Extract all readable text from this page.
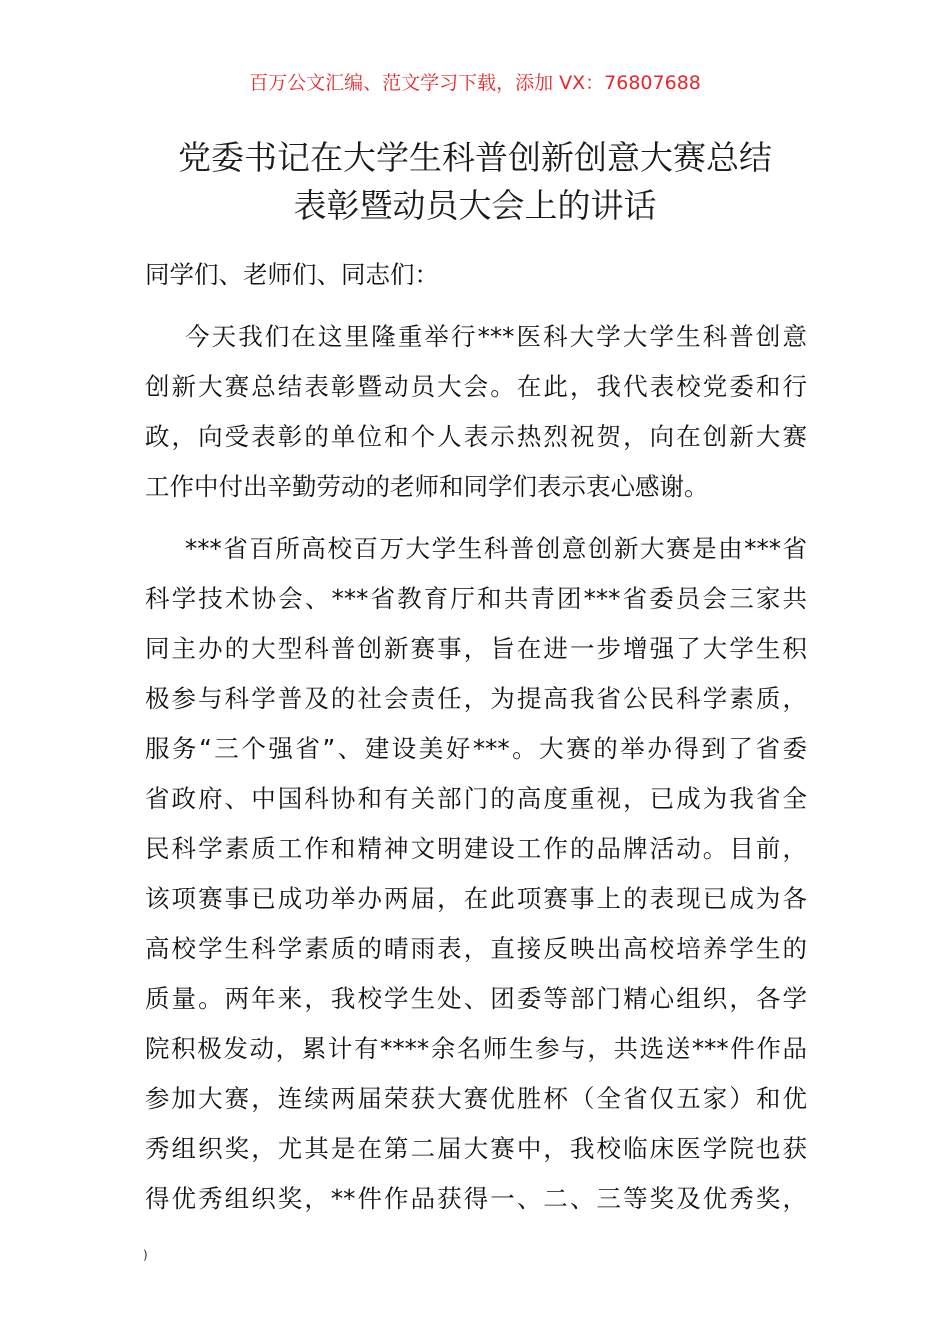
百万公文汇编、范文学习下载，添加 VX：76807688
党委书记在大学生科普创新创意大赛总结
表彰暨动员大会上的讲话
同学们、老师们、同志们：
今天我们在这里隆重举行***医科大学大学生科普创意
创新大赛总结表彰暨动员大会。在此，我代表校党委和行
政，向受表彰的单位和个人表示热烈祝贺，向在创新大赛
工作中付出辛勤劳动的老师和同学们表示衷心感谢。
***省百所高校百万大学生科普创意创新大赛是由***省
科学技术协会、***省教育厅和共青团***省委员会三家共
同主办的大型科普创新赛事，旨在进一步增强了大学生积
极参与科学普及的社会责任，为提高我省公民科学素质，
服务“三个强省”、建设美好***。大赛的举办得到了省委
省政府、中国科协和有关部门的高度重视，已成为我省全
民科学素质工作和精神文明建设工作的品牌活动。目前，
该项赛事已成功举办两届，在此项赛事上的表现已成为各
高校学生科学素质的晴雨表，直接反映出高校培养学生的
质量。两年来，我校学生处、团委等部门精心组织，各学
院积极发动，累计有****余名师生参与，共选送***件作品
参加大赛，连续两届荣获大赛优胜杯（全省仅五家）和优
秀组织奖，尤其是在第二届大赛中，我校临床医学院也获
得优秀组织奖，**件作品获得一、二、三等奖及优秀奖，
)
